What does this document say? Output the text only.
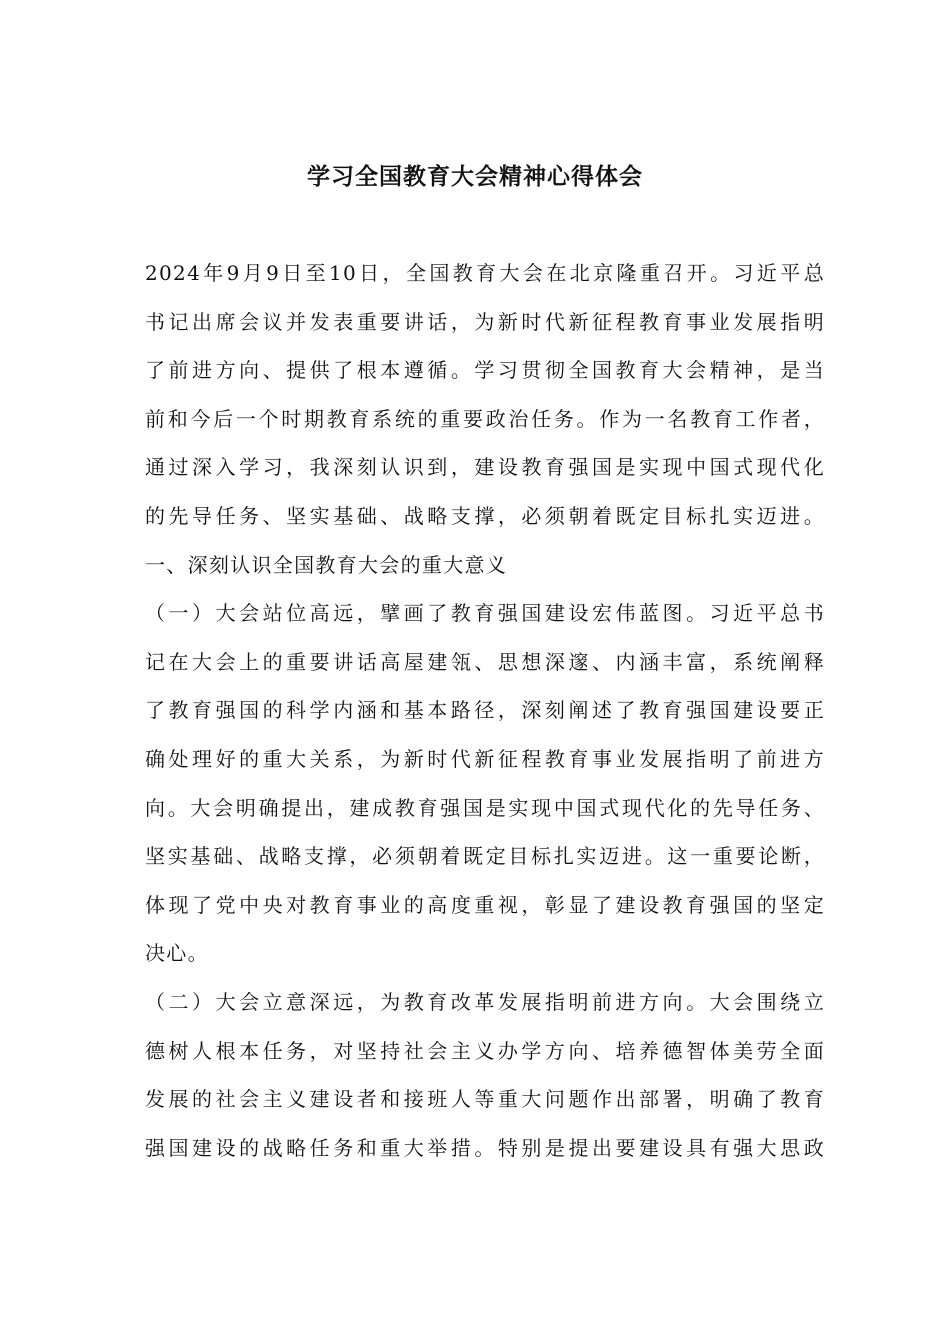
学习全国教育大会精神心得体会
2024年9月9日至10日，全国教育大会在北京隆重召开。习近平总
书记出席会议并发表重要讲话，为新时代新征程教育事业发展指明
了前进方向、提供了根本遵循。学习贯彻全国教育大会精神，是当
前和今后一个时期教育系统的重要政治任务。作为一名教育工作者，
通过深入学习，我深刻认识到，建设教育强国是实现中国式现代化
的先导任务、坚实基础、战略支撑，必须朝着既定目标扎实迈进。
一、深刻认识全国教育大会的重大意义
（一）大会站位高远，擘画了教育强国建设宏伟蓝图。习近平总书
记在大会上的重要讲话高屋建瓴、思想深邃、内涵丰富，系统阐释
了教育强国的科学内涵和基本路径，深刻阐述了教育强国建设要正
确处理好的重大关系，为新时代新征程教育事业发展指明了前进方
向。大会明确提出，建成教育强国是实现中国式现代化的先导任务、
坚实基础、战略支撑，必须朝着既定目标扎实迈进。这一重要论断，
体现了党中央对教育事业的高度重视，彰显了建设教育强国的坚定
决心。
（二）大会立意深远，为教育改革发展指明前进方向。大会围绕立
德树人根本任务，对坚持社会主义办学方向、培养德智体美劳全面
发展的社会主义建设者和接班人等重大问题作出部署，明确了教育
强国建设的战略任务和重大举措。特别是提出要建设具有强大思政
